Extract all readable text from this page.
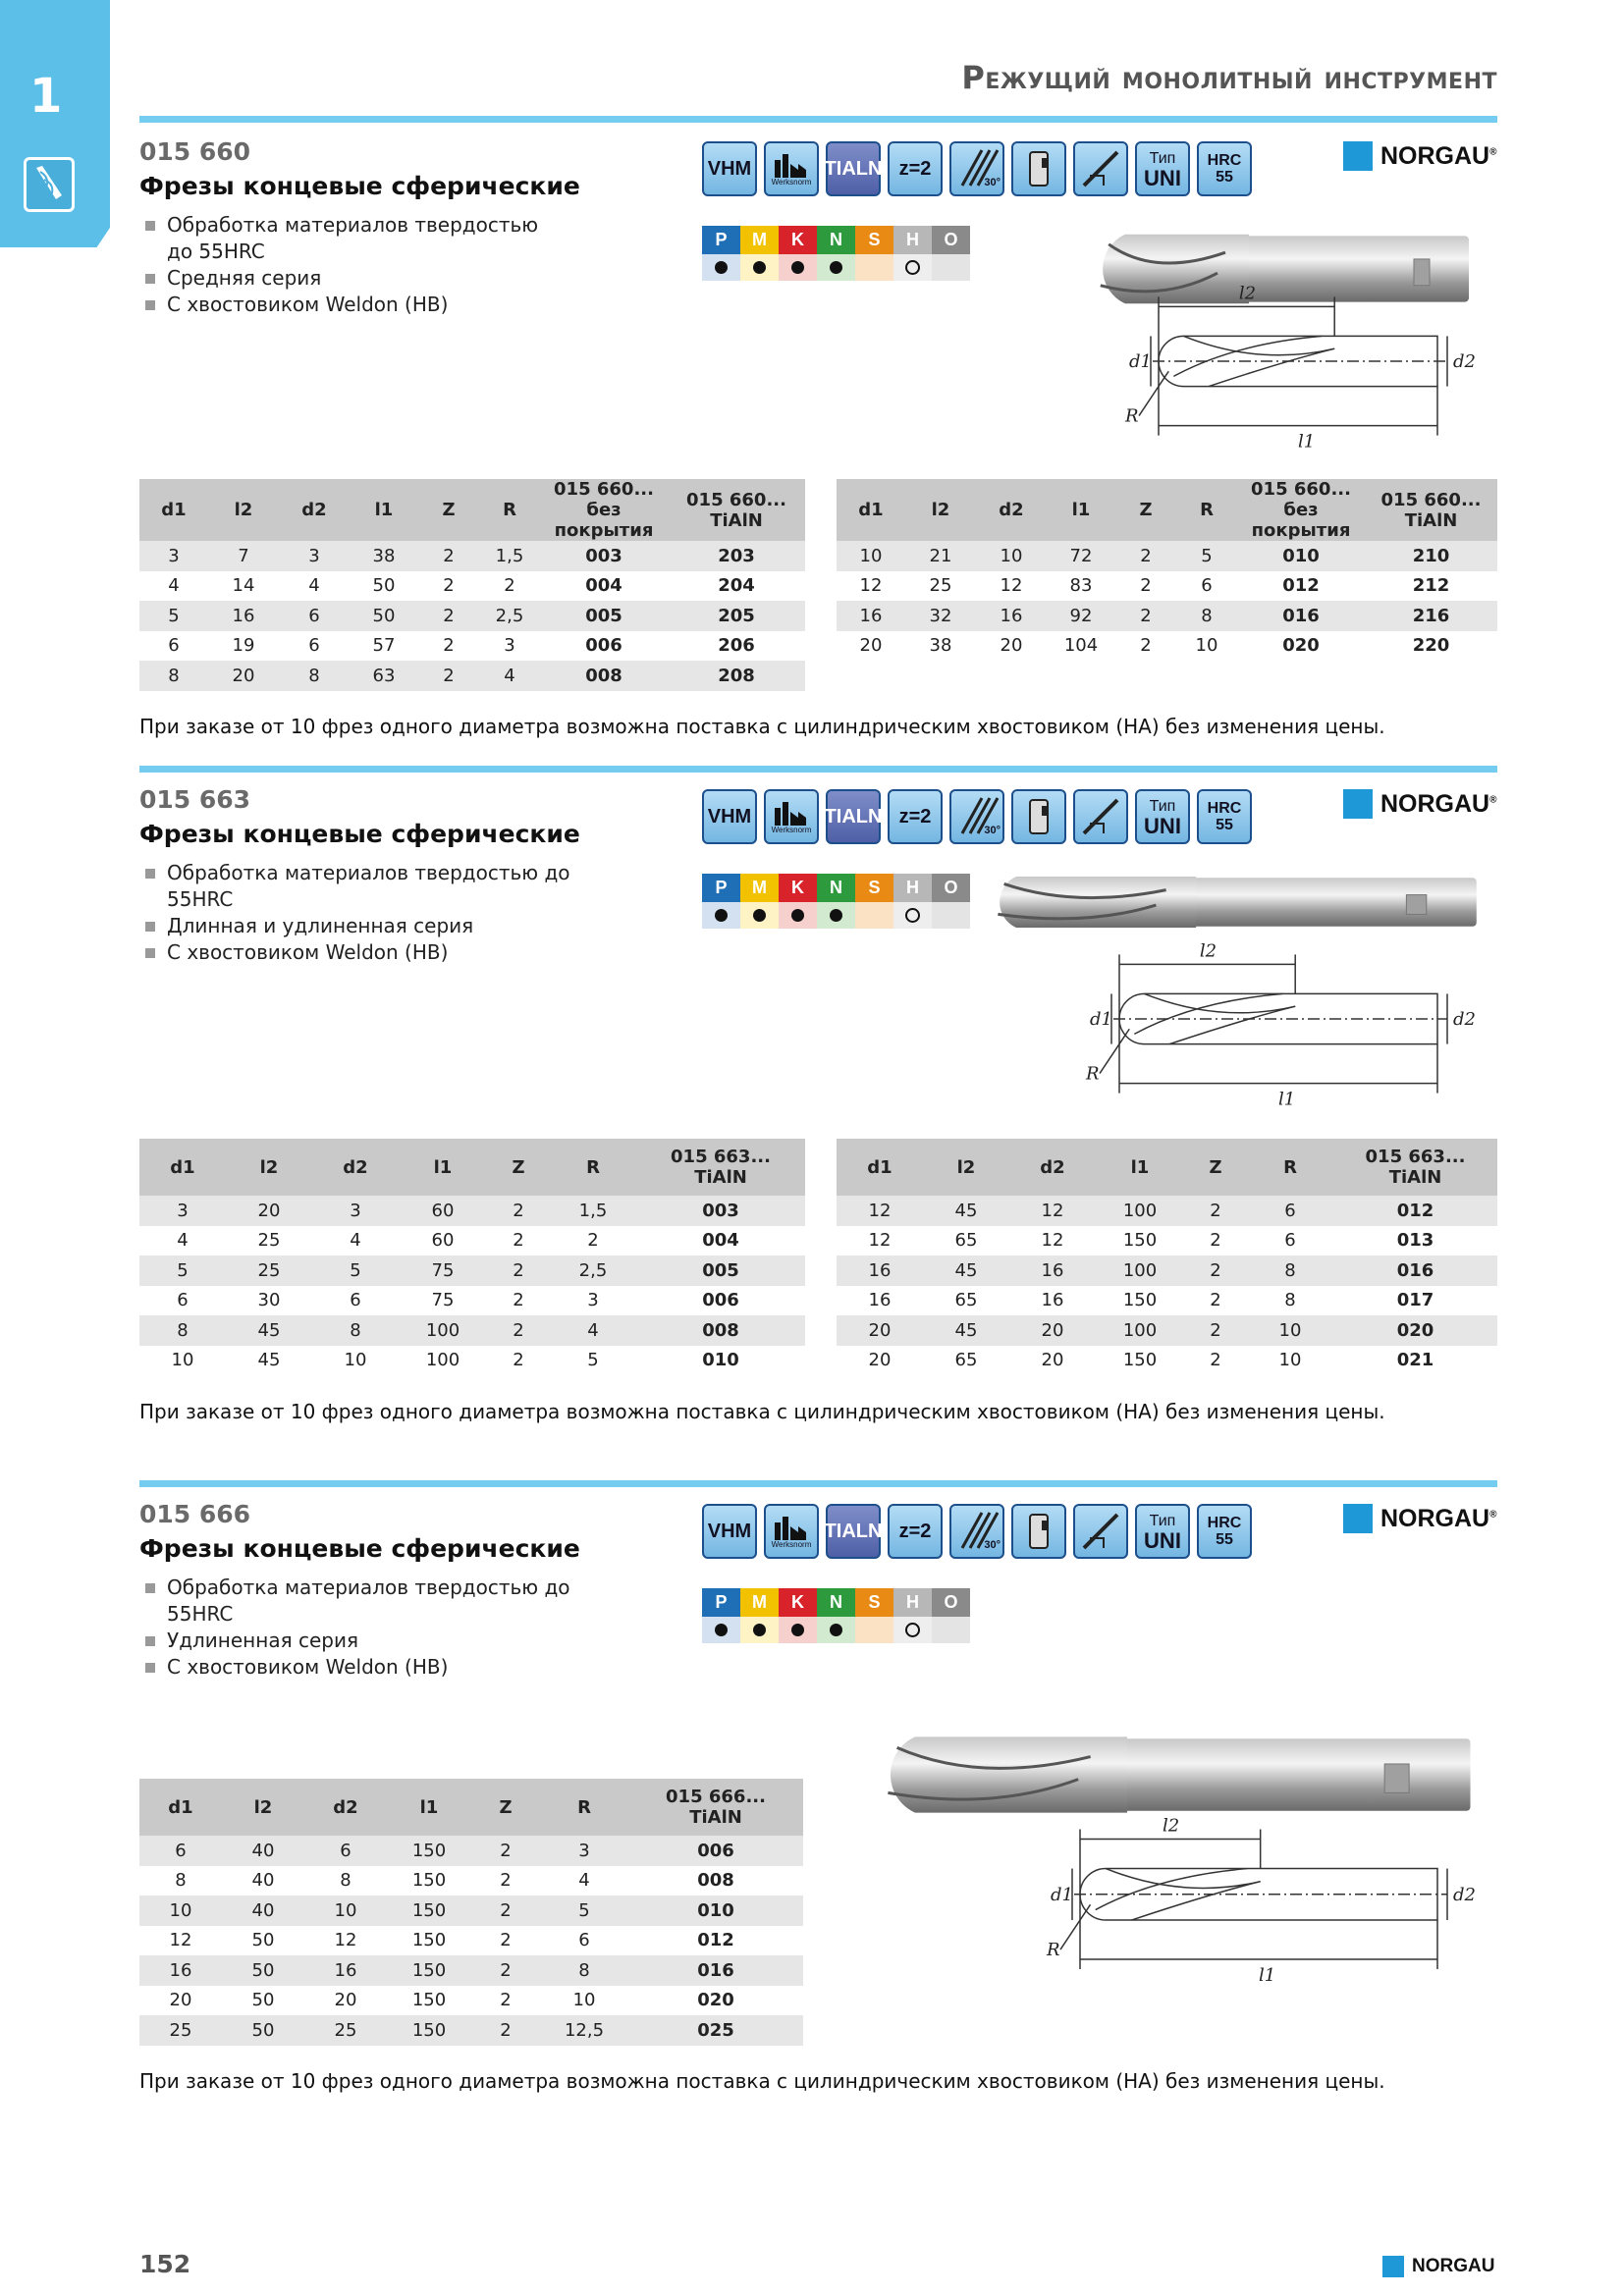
1	Режущий монолитный инструмент
015 660
Фрезы концевые сферические
Обработка материалов твердостью до 55HRC
Средняя серия
С хвостовиком Weldon (HB)
VHM
Werksnorm
TIALN z=2
30°
Тип
UNI
HRC
55
P	M	K	N	S	H	O
NORGAU®
d1	d2
l2
l1
R
d1	l2	d2	l1	Z	R	015 660...
без покрытия	015 660...
TiAlN
3	7	3	38	2	1,5	003	203
4	14	4	50	2	2	004	204
5	16	6	50	2	2,5	005	205
6	19	6	57	2	3	006	206
8	20	8	63	2	4	008	208
d1	l2	d2	l1	Z	R	015 660...
без покрытия	015 660...
TiAlN
10	21	10	72	2	5	010	210
12	25	12	83	2	6	012	212
16	32	16	92	2	8	016	216
20	38	20	104	2	10	020	220
При заказе от 10 фрез одного диаметра возможна поставка с цилиндрическим хвостовиком (HA) без изменения цены.
015 663
Фрезы концевые сферические
Обработка материалов твердостью до 55HRC
Длинная и удлиненная серия
С хвостовиком Weldon (HB)
VHM
Werksnorm
TIALN z=2
30°
Тип
UNI
HRC
55
P	M	K	N	S	H	O
NORGAU®
d1	d2
l2
l1
R
d1	l2	d2	l1	Z	R	015 663...
TiAlN
3	20	3	60	2	1,5	003
4	25	4	60	2	2	004
5	25	5	75	2	2,5	005
6	30	6	75	2	3	006
8	45	8	100	2	4	008
10	45	10	100	2	5	010
d1	l2	d2	l1	Z	R	015 663...
TiAlN
12	45	12	100	2	6	012
12	65	12	150	2	6	013
16	45	16	100	2	8	016
16	65	16	150	2	8	017
20	45	20	100	2	10	020
20	65	20	150	2	10	021
При заказе от 10 фрез одного диаметра возможна поставка с цилиндрическим хвостовиком (HA) без изменения цены.
015 666
Фрезы концевые сферические
Обработка материалов твердостью до 55HRC
Удлиненная серия
С хвостовиком Weldon (HB)
VHM
Werksnorm
TIALN z=2
30°
Тип
UNI
HRC
55
P	M	K	N	S	H	O
NORGAU®
d1	d2
l2
l1
R
d1	l2	d2	l1	Z	R	015 666...
TiAlN
6	40	6	150	2	3	006
8	40	8	150	2	4	008
10	40	10	150	2	5	010
12	50	12	150	2	6	012
16	50	16	150	2	8	016
20	50	20	150	2	10	020
25	50	25	150	2	12,5	025
При заказе от 10 фрез одного диаметра возможна поставка с цилиндрическим хвостовиком (HA) без изменения цены.
152	NORGAU
